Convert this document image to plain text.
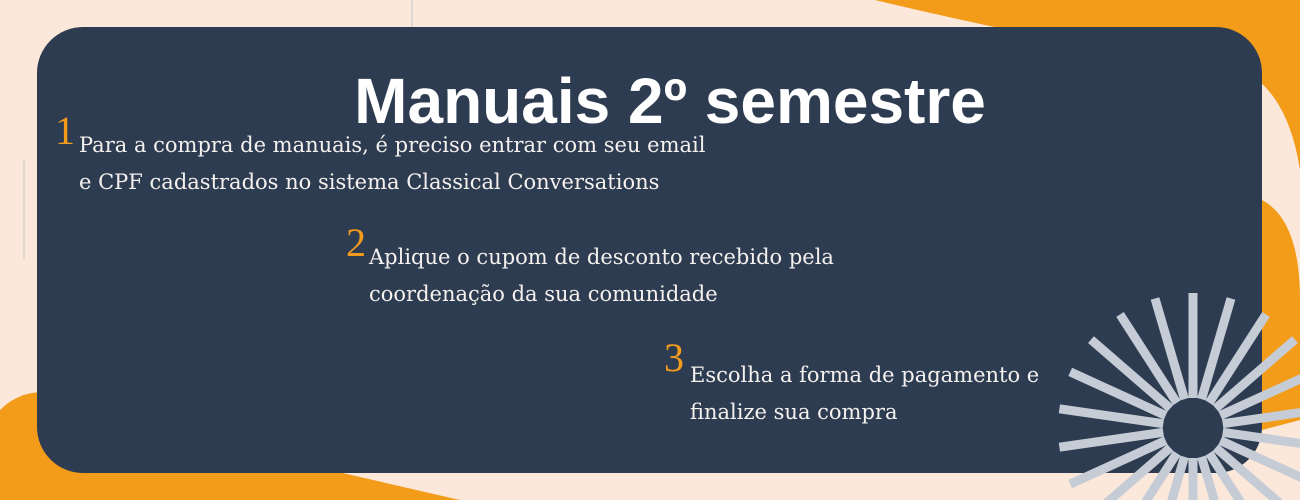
Manuais 2º semestre
1 Para a compra de manuais, é preciso entrar com seu email
e CPF cadastrados no sistema Classical Conversations
2 Aplique o cupom de desconto recebido pela
coordenação da sua comunidade
3 Escolha a forma de pagamento e
finalize sua compra
